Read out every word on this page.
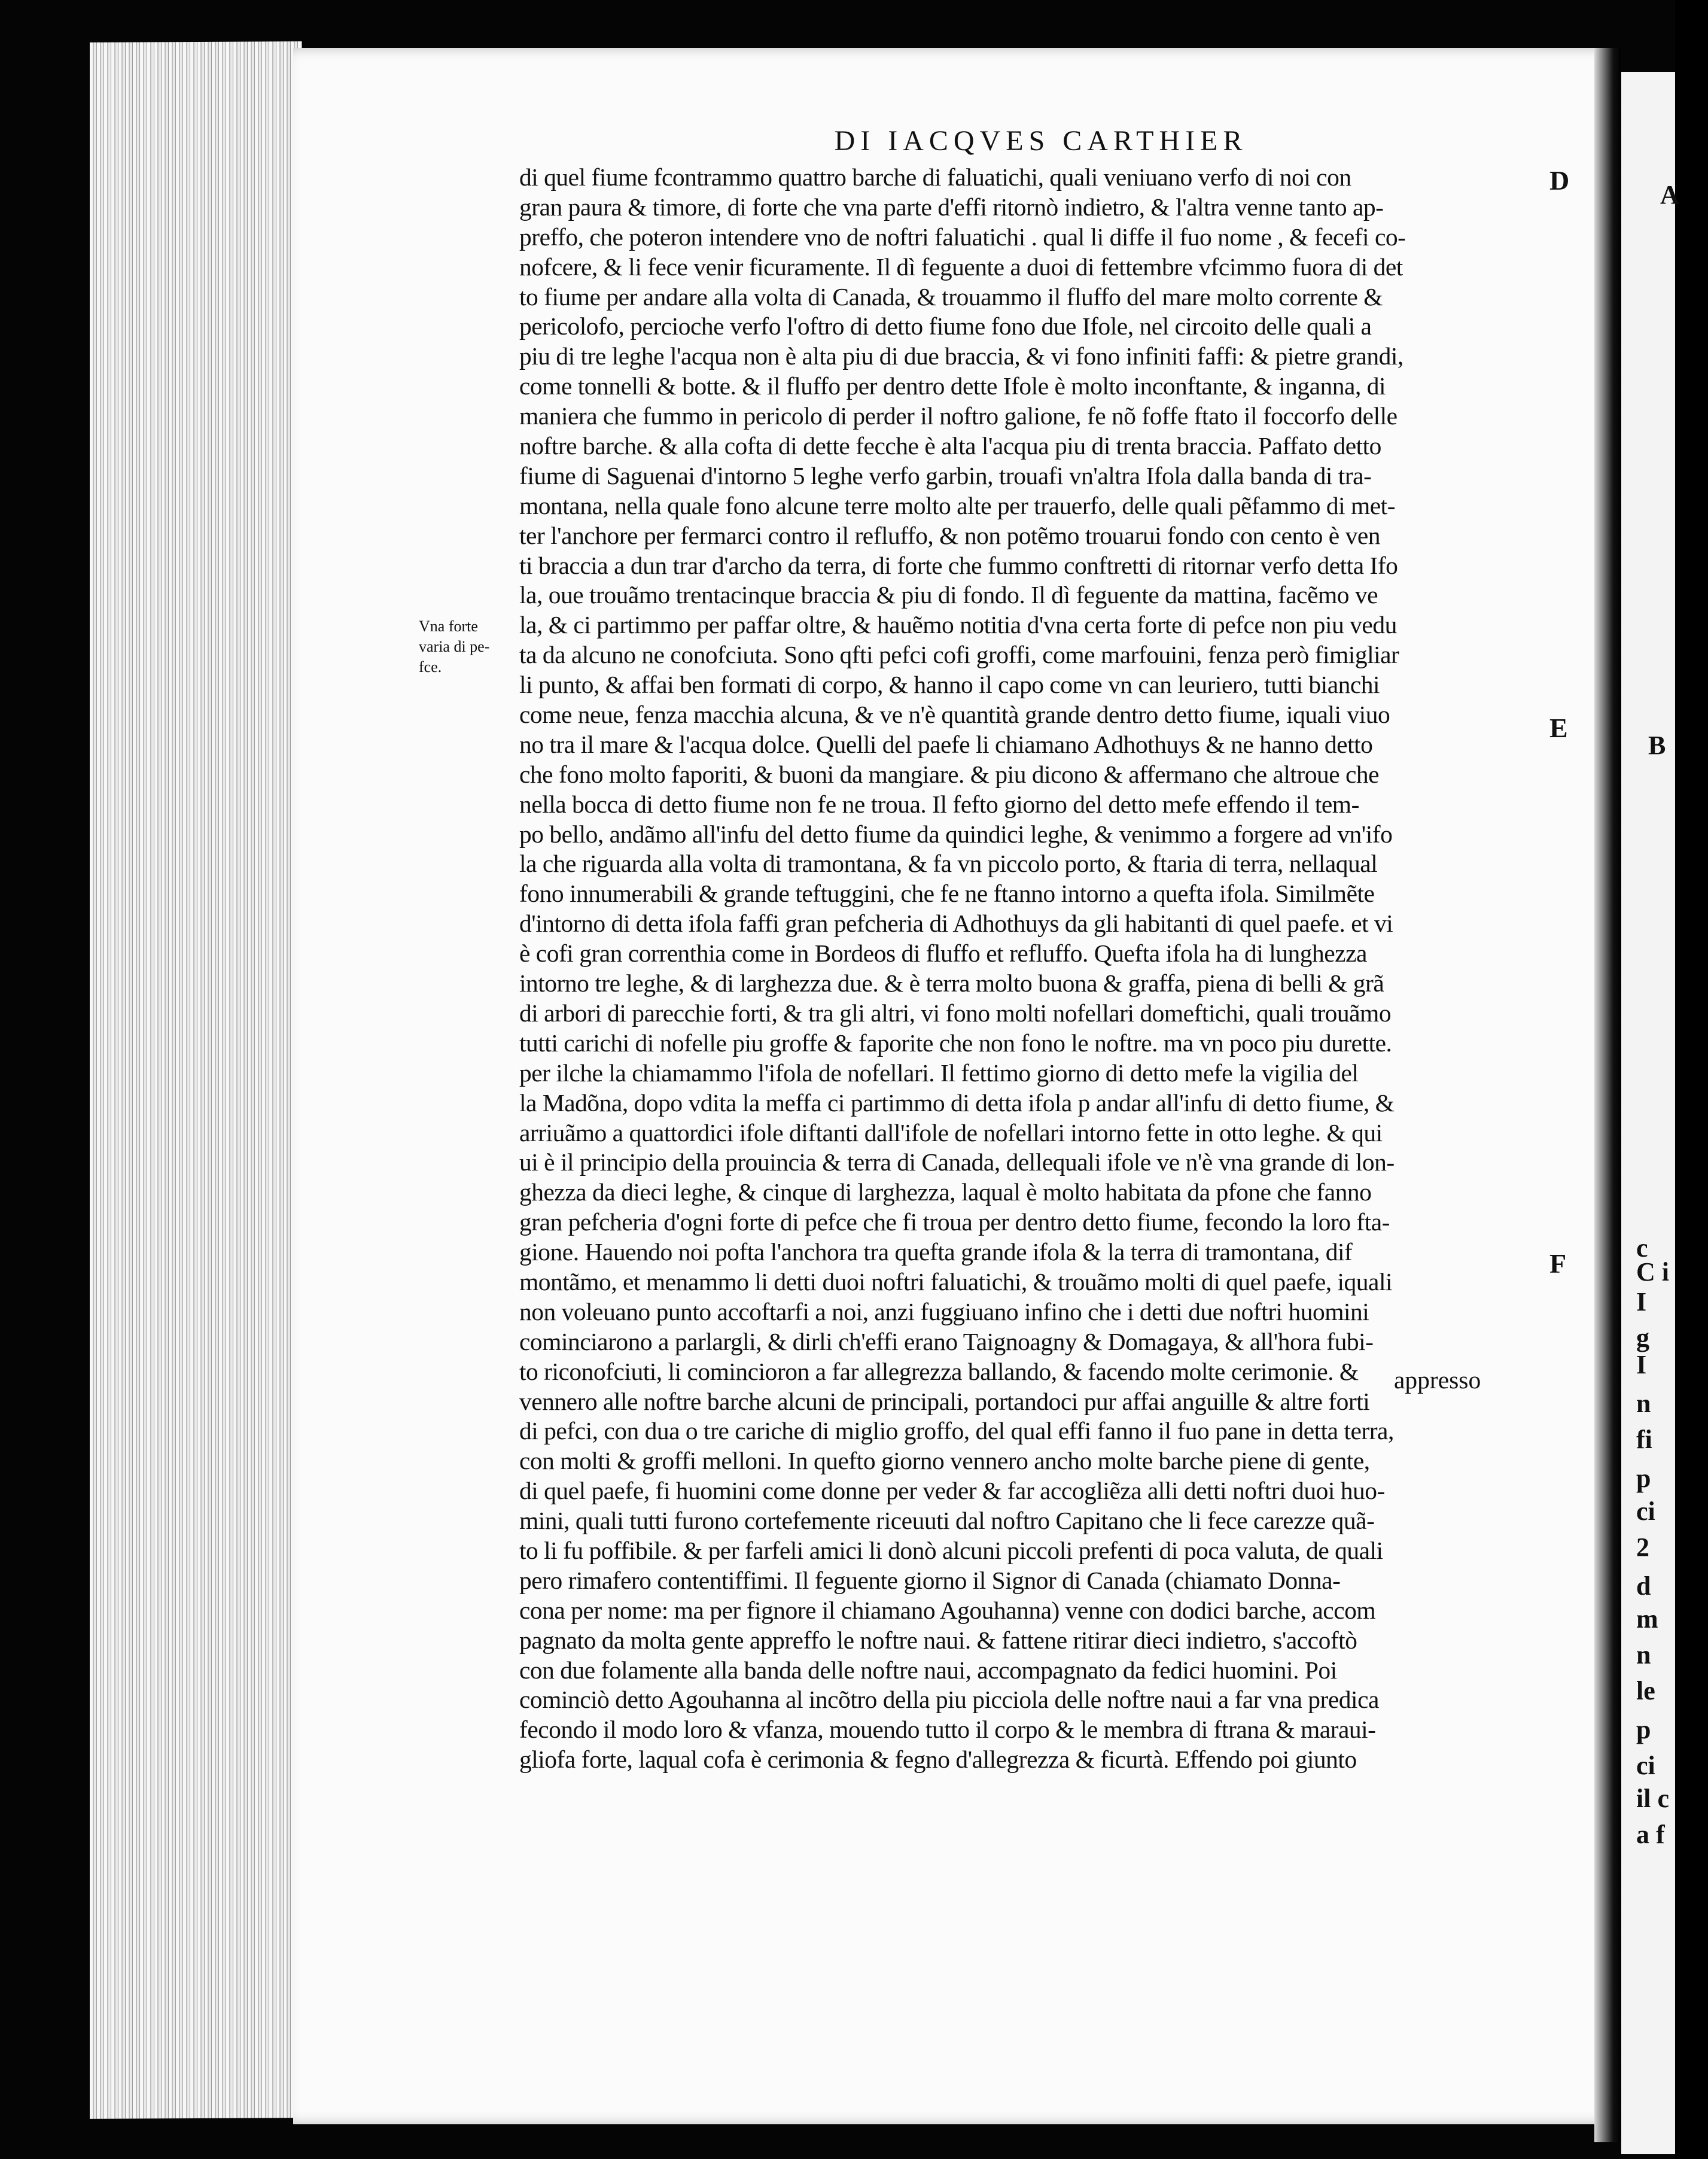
DI IACQVES CARTHIER
Vna forte
varia di pe-
fce.
D
E
F
di quel fiume fcontrammo quattro barche di faluatichi, quali veniuano verfo di noi con
gran paura & timore, di forte che vna parte d'effi ritornò indietro, & l'altra venne tanto ap-
preffo, che poteron intendere vno de noftri faluatichi . qual li diffe il fuo nome , & fecefi co-
nofcere, & li fece venir ficuramente. Il dì feguente a duoi di fettembre vfcimmo fuora di det
to fiume per andare alla volta di Canada, & trouammo il fluffo del mare molto corrente &
pericolofo, percioche verfo l'oftro di detto fiume fono due Ifole, nel circoito delle quali a
piu di tre leghe l'acqua non è alta piu di due braccia, & vi fono infiniti faffi: & pietre grandi,
come tonnelli & botte. & il fluffo per dentro dette Ifole è molto inconftante, & inganna, di
maniera che fummo in pericolo di perder il noftro galione, fe nõ foffe ftato il foccorfo delle
noftre barche. & alla cofta di dette fecche è alta l'acqua piu di trenta braccia. Paffato detto
fiume di Saguenai d'intorno 5 leghe verfo garbin, trouafi vn'altra Ifola dalla banda di tra-
montana, nella quale fono alcune terre molto alte per trauerfo, delle quali pẽfammo di met-
ter l'anchore per fermarci contro il refluffo, & non potẽmo trouarui fondo con cento è ven
ti braccia a dun trar d'archo da terra, di forte che fummo conftretti di ritornar verfo detta Ifo
la, oue trouãmo trentacinque braccia & piu di fondo. Il dì feguente da mattina, facẽmo ve
la, & ci partimmo per paffar oltre, & hauẽmo notitia d'vna certa forte di pefce non piu vedu
ta da alcuno ne conofciuta. Sono qfti pefci cofi groffi, come marfouini, fenza però fimigliar
li punto, & affai ben formati di corpo, & hanno il capo come vn can leuriero, tutti bianchi
come neue, fenza macchia alcuna, & ve n'è quantità grande dentro detto fiume, iquali viuo
no tra il mare & l'acqua dolce. Quelli del paefe li chiamano Adhothuys & ne hanno detto
che fono molto faporiti, & buoni da mangiare. & piu dicono & affermano che altroue che
nella bocca di detto fiume non fe ne troua. Il fefto giorno del detto mefe effendo il tem-
po bello, andãmo all'infu del detto fiume da quindici leghe, & venimmo a forgere ad vn'ifo
la che riguarda alla volta di tramontana, & fa vn piccolo porto, & ftaria di terra, nellaqual
fono innumerabili & grande teftuggini, che fe ne ftanno intorno a quefta ifola. Similmẽte
d'intorno di detta ifola faffi gran pefcheria di Adhothuys da gli habitanti di quel paefe. et vi
è cofi gran correnthia come in Bordeos di fluffo et refluffo. Quefta ifola ha di lunghezza
intorno tre leghe, & di larghezza due. & è terra molto buona & graffa, piena di belli & grã
di arbori di parecchie forti, & tra gli altri, vi fono molti nofellari domeftichi, quali trouãmo
tutti carichi di nofelle piu groffe & faporite che non fono le noftre. ma vn poco piu durette.
per ilche la chiamammo l'ifola de nofellari. Il fettimo giorno di detto mefe la vigilia del
la Madõna, dopo vdita la meffa ci partimmo di detta ifola p andar all'infu di detto fiume, &
arriuãmo a quattordici ifole diftanti dall'ifole de nofellari intorno fette in otto leghe. & qui
ui è il principio della prouincia & terra di Canada, dellequali ifole ve n'è vna grande di lon-
ghezza da dieci leghe, & cinque di larghezza, laqual è molto habitata da pfone che fanno
gran pefcheria d'ogni forte di pefce che fi troua per dentro detto fiume, fecondo la loro fta-
gione. Hauendo noi pofta l'anchora tra quefta grande ifola & la terra di tramontana, dif
montãmo, et menammo li detti duoi noftri faluatichi, & trouãmo molti di quel paefe, iquali
non voleuano punto accoftarfi a noi, anzi fuggiuano infino che i detti due noftri huomini
cominciarono a parlargli, & dirli ch'effi erano Taignoagny & Domagaya, & all'hora fubi-
to riconofciuti, li comincioron a far allegrezza ballando, & facendo molte cerimonie. &
vennero alle noftre barche alcuni de principali, portandoci pur affai anguille & altre forti
di pefci, con dua o tre cariche di miglio groffo, del qual effi fanno il fuo pane in detta terra,
con molti & groffi melloni. In quefto giorno vennero ancho molte barche piene di gente,
di quel paefe, fi huomini come donne per veder & far accogliẽza alli detti noftri duoi huo-
mini, quali tutti furono cortefemente riceuuti dal noftro Capitano che li fece carezze quã-
to li fu poffibile. & per farfeli amici li donò alcuni piccoli prefenti di poca valuta, de quali
pero rimafero contentiffimi. Il feguente giorno il Signor di Canada (chiamato Donna-
cona per nome: ma per fignore il chiamano Agouhanna) venne con dodici barche, accom
pagnato da molta gente appreffo le noftre naui. & fattene ritirar dieci indietro, s'accoftò
con due folamente alla banda delle noftre naui, accompagnato da fedici huomini. Poi
cominciò detto Agouhanna al incõtro della piu picciola delle noftre naui a far vna predica
fecondo il modo loro & vfanza, mouendo tutto il corpo & le membra di ftrana & maraui-
gliofa forte, laqual cofa è cerimonia & fegno d'allegrezza & ficurtà. Effendo poi giunto
appresso
A
B
C i
c
I
g
I
n
fi
p
ci
2
d
m
n
le
p
ci
il c
a f
